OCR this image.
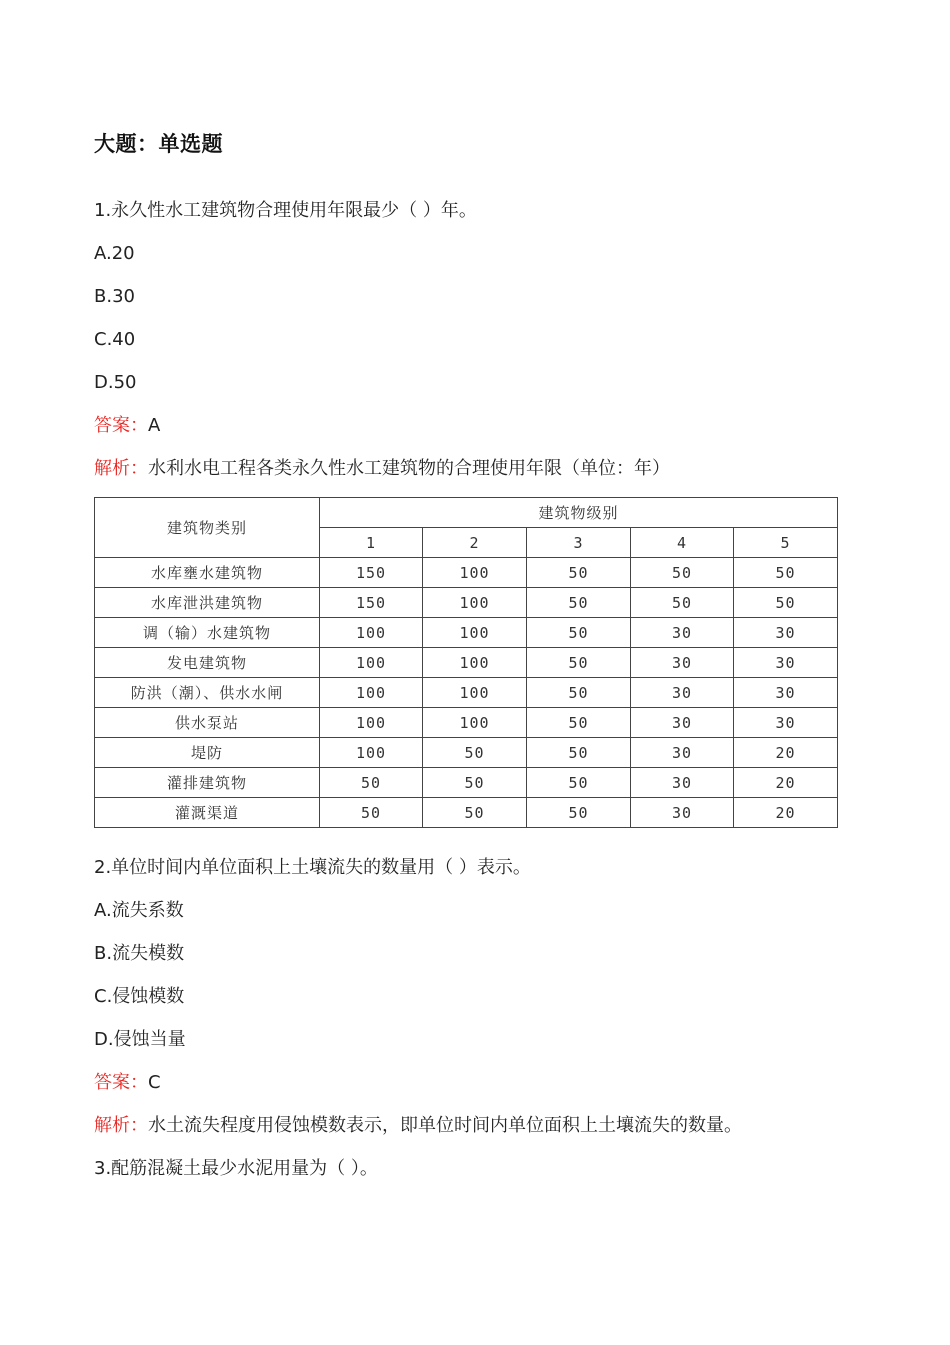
大题：单选题
1.永久性水工建筑物合理使用年限最少（ ）年。
A.20
B.30
C.40
D.50
答案：A
解析：水利水电工程各类永久性水工建筑物的合理使用年限（单位：年）
建筑物类别	建筑物级别				
	1	2	3	4	5
水库壅水建筑物	150	100	50	50	50
水库泄洪建筑物	150	100	50	50	50
调（输）水建筑物	100	100	50	30	30
发电建筑物	100	100	50	30	30
防洪（潮）、供水水闸	100	100	50	30	30
供水泵站	100	100	50	30	30
堤防	100	50	50	30	20
灌排建筑物	50	50	50	30	20
灌溉渠道	50	50	50	30	20
2.单位时间内单位面积上土壤流失的数量用（ ）表示。
A.流失系数
B.流失模数
C.侵蚀模数
D.侵蚀当量
答案：C
解析：水土流失程度用侵蚀模数表示，即单位时间内单位面积上土壤流失的数量。
3.配筋混凝土最少水泥用量为（ ）。
